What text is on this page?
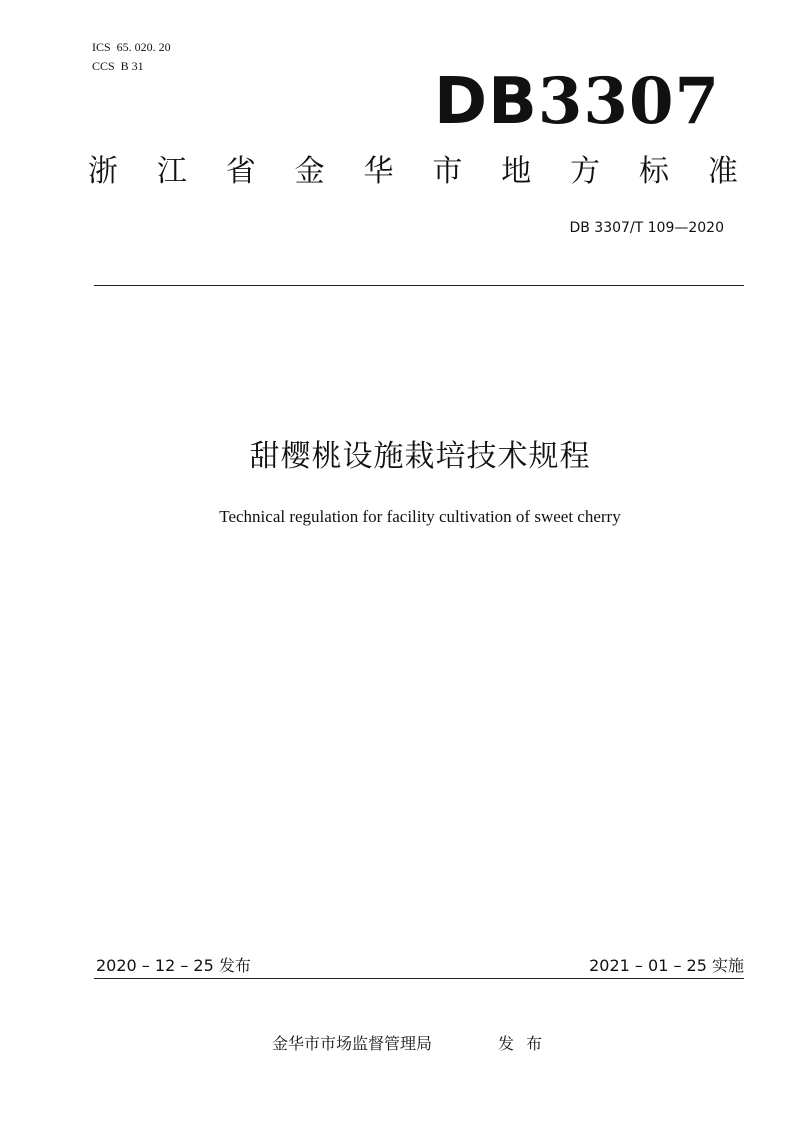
ICS  65. 020. 20
CCS  B 31	DB3307
浙 江 省 金 华 市 地 方 标 准
DB 3307/T 109—2020
甜樱桃设施栽培技术规程
Technical regulation for facility cultivation of sweet cherry
2020 – 12 – 25 发布	2021 – 01 – 25 实施
金华市市场监督管理局	发布
